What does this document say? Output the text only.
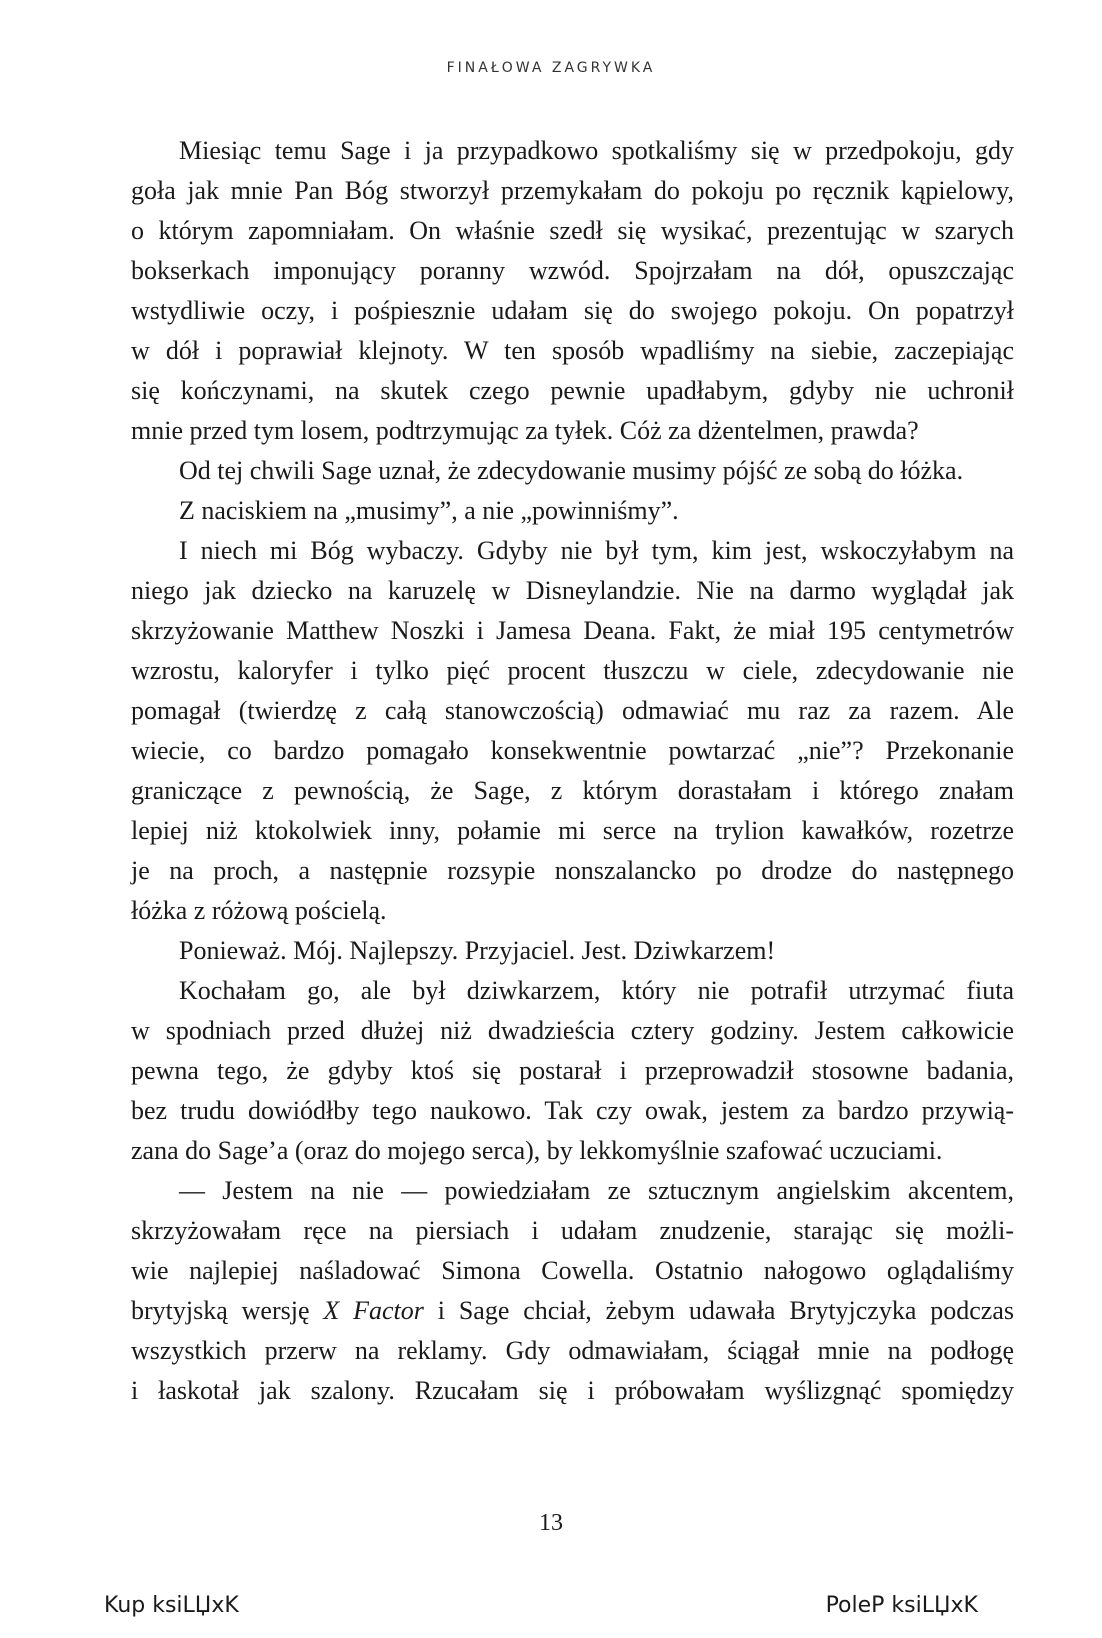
FINAŁOWA ZAGRYWKA
Miesiąc temu Sage i ja przypadkowo spotkaliśmy się w przedpokoju, gdy
goła jak mnie Pan Bóg stworzył przemykałam do pokoju po ręcznik kąpielowy,
o którym zapomniałam. On właśnie szedł się wysikać, prezentując w szarych
bokserkach imponujący poranny wzwód. Spojrzałam na dół, opuszczając
wstydliwie oczy, i pośpiesznie udałam się do swojego pokoju. On popatrzył
w dół i poprawiał klejnoty. W ten sposób wpadliśmy na siebie, zaczepiając
się kończynami, na skutek czego pewnie upadłabym, gdyby nie uchronił
mnie przed tym losem, podtrzymując za tyłek. Cóż za dżentelmen, prawda?
Od tej chwili Sage uznał, że zdecydowanie musimy pójść ze sobą do łóżka.
Z naciskiem na „musimy”, a nie „powinniśmy”.
I niech mi Bóg wybaczy. Gdyby nie był tym, kim jest, wskoczyłabym na
niego jak dziecko na karuzelę w Disneylandzie. Nie na darmo wyglądał jak
skrzyżowanie Matthew Noszki i Jamesa Deana. Fakt, że miał 195 centymetrów
wzrostu, kaloryfer i tylko pięć procent tłuszczu w ciele, zdecydowanie nie
pomagał (twierdzę z całą stanowczością) odmawiać mu raz za razem. Ale
wiecie, co bardzo pomagało konsekwentnie powtarzać „nie”? Przekonanie
graniczące z pewnością, że Sage, z którym dorastałam i którego znałam
lepiej niż ktokolwiek inny, połamie mi serce na trylion kawałków, rozetrze
je na proch, a następnie rozsypie nonszalancko po drodze do następnego
łóżka z różową pościelą.
Ponieważ. Mój. Najlepszy. Przyjaciel. Jest. Dziwkarzem!
Kochałam go, ale był dziwkarzem, który nie potrafił utrzymać fiuta
w spodniach przed dłużej niż dwadzieścia cztery godziny. Jestem całkowicie
pewna tego, że gdyby ktoś się postarał i przeprowadził stosowne badania,
bez trudu dowiódłby tego naukowo. Tak czy owak, jestem za bardzo przywią-
zana do Sage’a (oraz do mojego serca), by lekkomyślnie szafować uczuciami.
— Jestem na nie — powiedziałam ze sztucznym angielskim akcentem,
skrzyżowałam ręce na piersiach i udałam znudzenie, starając się możli-
wie najlepiej naśladować Simona Cowella. Ostatnio nałogowo oglądaliśmy
brytyjską wersję X Factor i Sage chciał, żebym udawała Brytyjczyka podczas
wszystkich przerw na reklamy. Gdy odmawiałam, ściągał mnie na podłogę
i łaskotał jak szalony. Rzucałam się i próbowałam wyślizgnąć spomiędzy
13
Kup ksiLЏхK	PoleP ksiLЏхK
